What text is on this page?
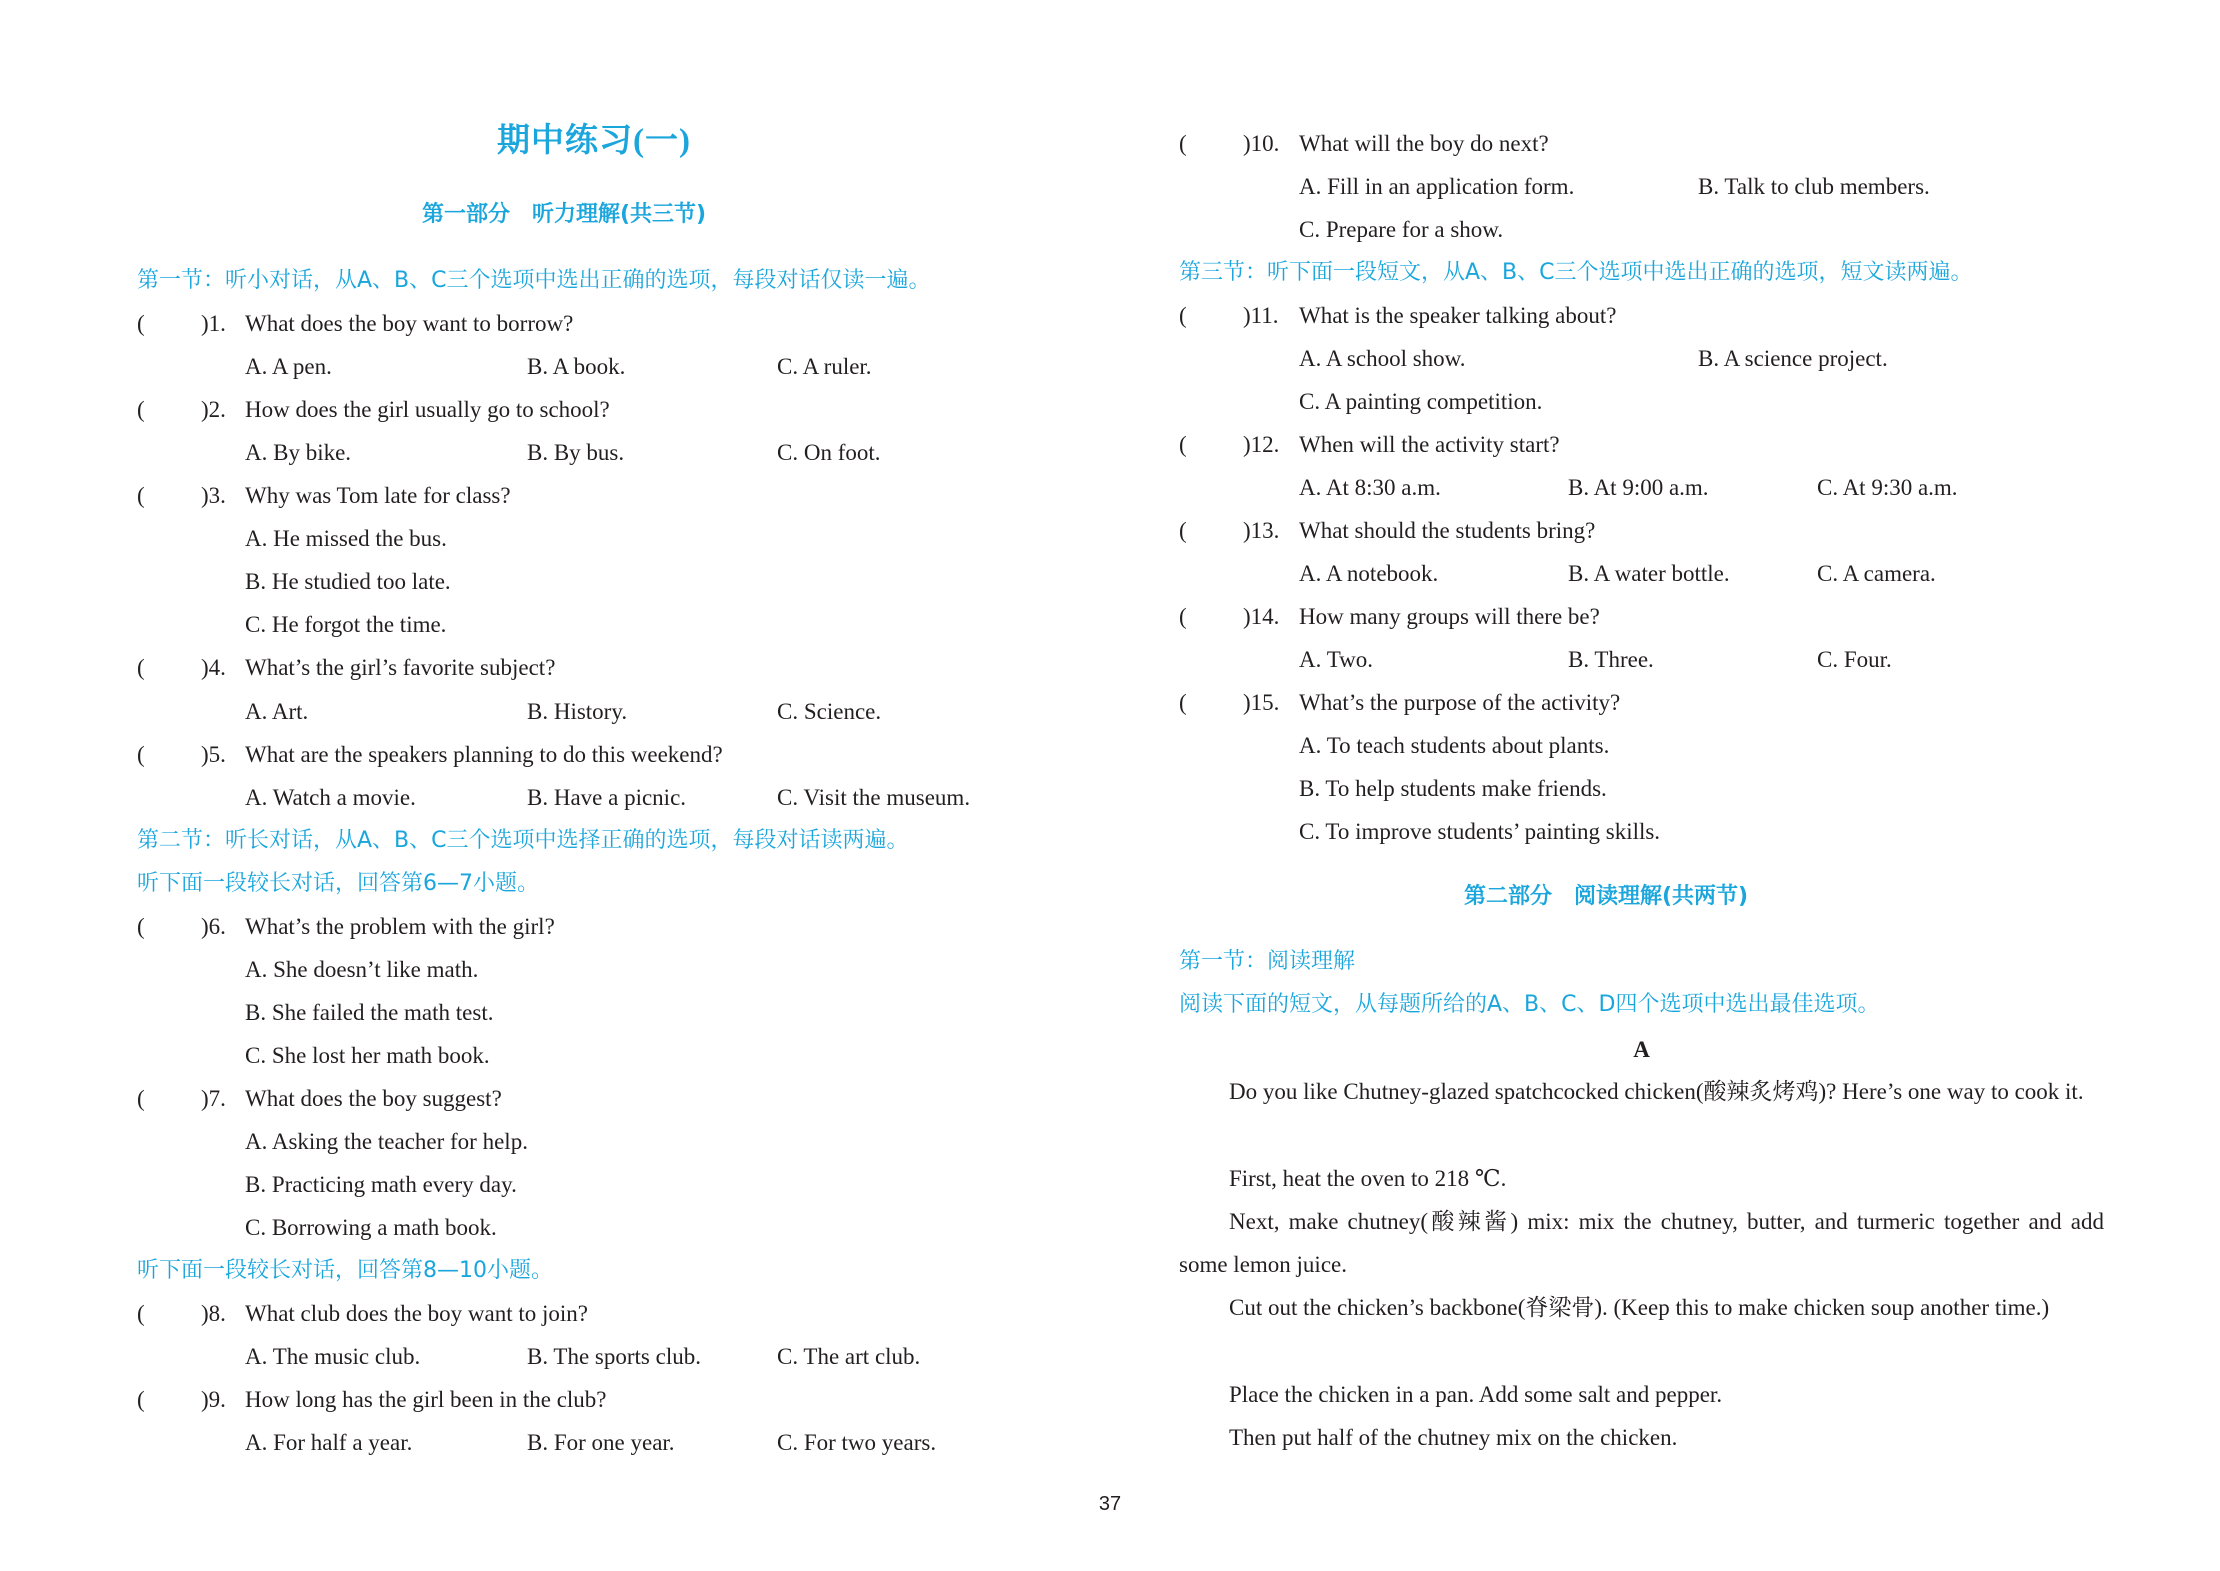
期中练习(一)
第一部分　听力理解(共三节)
第一节：听小对话，从A、B、C三个选项中选出正确的选项，每段对话仅读一遍。
( )1. What does the boy want to borrow?
A. A pen.	B. A book.	C. A ruler.
( )2. How does the girl usually go to school?
A. By bike.	B. By bus.	C. On foot.
( )3. Why was Tom late for class?
A. He missed the bus.
B. He studied too late.
C. He forgot the time.
( )4. What’s the girl’s favorite subject?
A. Art.	B. History.	C. Science.
( )5. What are the speakers planning to do this weekend?
A. Watch a movie.	B. Have a picnic.	C. Visit the museum.
第二节：听长对话，从A、B、C三个选项中选择正确的选项，每段对话读两遍。
听下面一段较长对话，回答第6—7小题。
( )6. What’s the problem with the girl?
A. She doesn’t like math.
B. She failed the math test.
C. She lost her math book.
( )7. What does the boy suggest?
A. Asking the teacher for help.
B. Practicing math every day.
C. Borrowing a math book.
听下面一段较长对话，回答第8—10小题。
( )8. What club does the boy want to join?
A. The music club.	B. The sports club.	C. The art club.
( )9. How long has the girl been in the club?
A. For half a year.	B. For one year.	C. For two years.
( )10. What will the boy do next?
A. Fill in an application form.	B. Talk to club members.
C. Prepare for a show.
第三节：听下面一段短文，从A、B、C三个选项中选出正确的选项，短文读两遍。
( )11. What is the speaker talking about?
A. A school show.	B. A science project.
C. A painting competition.
( )12. When will the activity start?
A. At 8:30 a.m.	B. At 9:00 a.m.	C. At 9:30 a.m.
( )13. What should the students bring?
A. A notebook.	B. A water bottle.	C. A camera.
( )14. How many groups will there be?
A. Two.	B. Three.	C. Four.
( )15. What’s the purpose of the activity?
A. To teach students about plants.
B. To help students make friends.
C. To improve students’ painting skills.
第二部分　阅读理解(共两节)
第一节：阅读理解
阅读下面的短文，从每题所给的A、B、C、D四个选项中选出最佳选项。
A
Do you like Chutney-glazed spatchcocked chicken(酸辣炙烤鸡)? Here’s one way to cook it.
First, heat the oven to 218 ℃.
Next, make chutney(酸辣酱) mix: mix the chutney, butter, and turmeric together and add some lemon juice.
Cut out the chicken’s backbone(脊梁骨). (Keep this to make chicken soup another time.)
Place the chicken in a pan. Add some salt and pepper.
Then put half of the chutney mix on the chicken.
37
